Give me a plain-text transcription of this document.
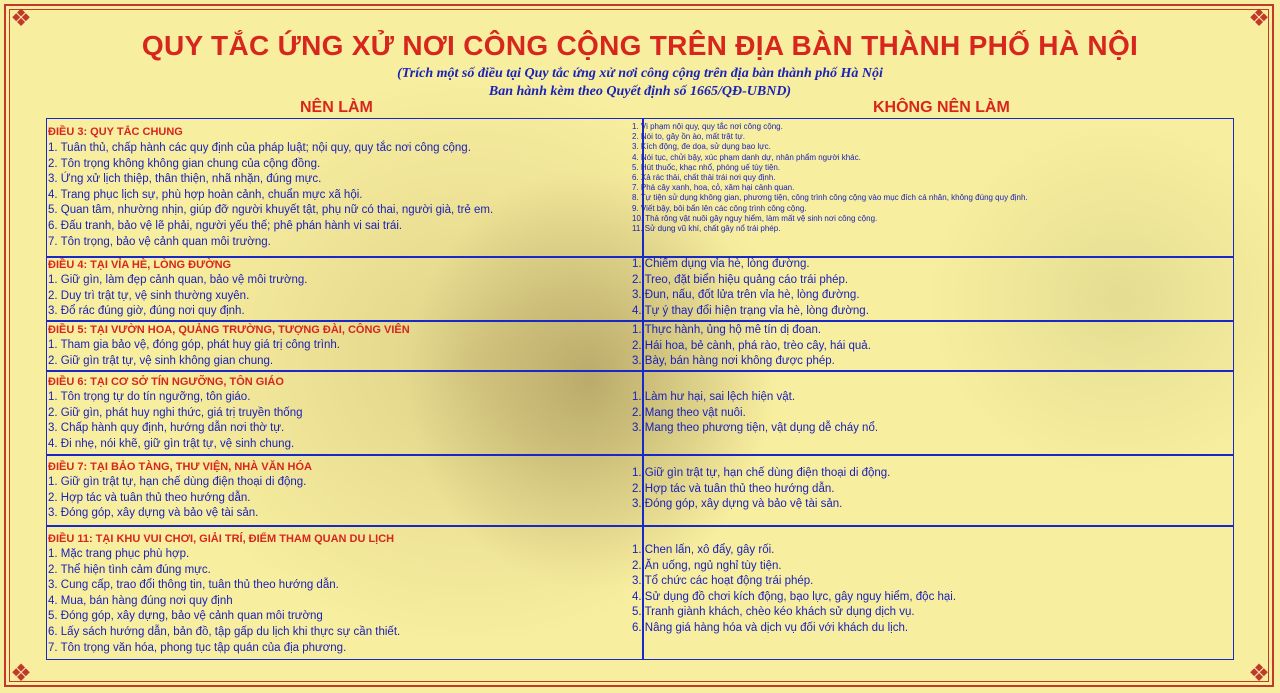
❖	❖
❖	❖
QUY TẮC ỨNG XỬ NƠI CÔNG CỘNG TRÊN ĐỊA BÀN THÀNH PHỐ HÀ NỘI
(Trích một số điều tại Quy tắc ứng xử nơi công cộng trên địa bàn thành phố Hà Nội
Ban hành kèm theo Quyết định số 1665/QĐ-UBND)
NÊN LÀM	KHÔNG NÊN LÀM
ĐIỀU 3: QUY TẮC CHUNG
1. Tuân thủ, chấp hành các quy định của pháp luật; nội quy, quy tắc nơi công cộng.
2. Tôn trọng không không gian chung của cộng đồng.
3. Ứng xử lịch thiệp, thân thiện, nhã nhặn, đúng mực.
4. Trang phục lịch sự, phù hợp hoàn cảnh, chuẩn mực xã hội.
5. Quan tâm, nhường nhịn, giúp đỡ người khuyết tật, phụ nữ có thai, người già, trẻ em.
6. Đấu tranh, bảo vệ lẽ phải, người yếu thế; phê phán hành vi sai trái.
7. Tôn trọng, bảo vệ cảnh quan môi trường.
1. Vi phạm nội quy, quy tắc nơi công cộng.
2. Nói to, gây ồn ào, mất trật tự.
3. Kích động, đe dọa, sử dụng bạo lực.
4. Nói tục, chửi bậy, xúc phạm danh dự, nhân phẩm người khác.
5. Hút thuốc, khạc nhổ, phóng uế tùy tiện.
6. Xả rác thải, chất thải trái nơi quy định.
7. Phá cây xanh, hoa, cỏ, xâm hại cảnh quan.
8. Tự tiện sử dụng không gian, phương tiện, công trình công cộng vào mục đích cá nhân, không đúng quy định.
9. Viết bậy, bôi bẩn lên các công trình công cộng.
10. Thả rông vật nuôi gây nguy hiểm, làm mất vệ sinh nơi công cộng.
11. Sử dụng vũ khí, chất gây nổ trái phép.
ĐIỀU 4: TẠI VỈA HÈ, LÒNG ĐƯỜNG
1. Giữ gìn, làm đẹp cảnh quan, bảo vệ môi trường.
2. Duy trì trật tự, vệ sinh thường xuyên.
3. Đổ rác đúng giờ, đúng nơi quy định.
1. Chiếm dụng vỉa hè, lòng đường.
2. Treo, đặt biển hiệu quảng cáo trái phép.
3. Đun, nấu, đốt lửa trên vỉa hè, lòng đường.
4. Tự ý thay đổi hiện trạng vỉa hè, lòng đường.
ĐIỀU 5: TẠI VƯỜN HOA, QUẢNG TRƯỜNG, TƯỢNG ĐÀI, CÔNG VIÊN
1. Tham gia bảo vệ, đóng góp, phát huy giá trị công trình.
2. Giữ gìn trật tự, vệ sinh không gian chung.
1. Thực hành, ủng hộ mê tín dị đoan.
2. Hái hoa, bẻ cành, phá rào, trèo cây, hái quả.
3. Bày, bán hàng nơi không được phép.
ĐIỀU 6: TẠI CƠ SỞ TÍN NGƯỠNG, TÔN GIÁO
1. Tôn trọng tự do tín ngưỡng, tôn giáo.
2. Giữ gìn, phát huy nghi thức, giá trị truyền thống
3. Chấp hành quy định, hướng dẫn nơi thờ tự.
4. Đi nhẹ, nói khẽ, giữ gìn trật tự, vệ sinh chung.
1. Làm hư hại, sai lệch hiện vật.
2. Mang theo vật nuôi.
3. Mang theo phương tiện, vật dụng dễ cháy nổ.
ĐIỀU 7: TẠI BẢO TÀNG, THƯ VIỆN, NHÀ VĂN HÓA
1. Giữ gìn trật tự, hạn chế dùng điện thoại di động.
2. Hợp tác và tuân thủ theo hướng dẫn.
3. Đóng góp, xây dựng và bảo vệ tài sản.
1. Giữ gìn trật tự, hạn chế dùng điện thoại di động.
2. Hợp tác và tuân thủ theo hướng dẫn.
3. Đóng góp, xây dựng và bảo vệ tài sản.
ĐIỀU 11: TẠI KHU VUI CHƠI, GIẢI TRÍ, ĐIỂM THAM QUAN DU LỊCH
1. Mặc trang phục phù hợp.
2. Thể hiện tình cảm đúng mực.
3. Cung cấp, trao đổi thông tin, tuân thủ theo hướng dẫn.
4. Mua, bán hàng đúng nơi quy định
5. Đóng góp, xây dựng, bảo vệ cảnh quan môi trường
6. Lấy sách hướng dẫn, bản đồ, tập gấp du lịch khi thực sự cần thiết.
7. Tôn trọng văn hóa, phong tục tập quán của địa phương.
1. Chen lấn, xô đẩy, gây rối.
2. Ăn uống, ngủ nghỉ tùy tiện.
3. Tổ chức các hoạt động trái phép.
4. Sử dụng đồ chơi kích động, bạo lực, gây nguy hiểm, độc hại.
5. Tranh giành khách, chèo kéo khách sử dụng dịch vụ.
6. Nâng giá hàng hóa và dịch vụ đối với khách du lịch.
